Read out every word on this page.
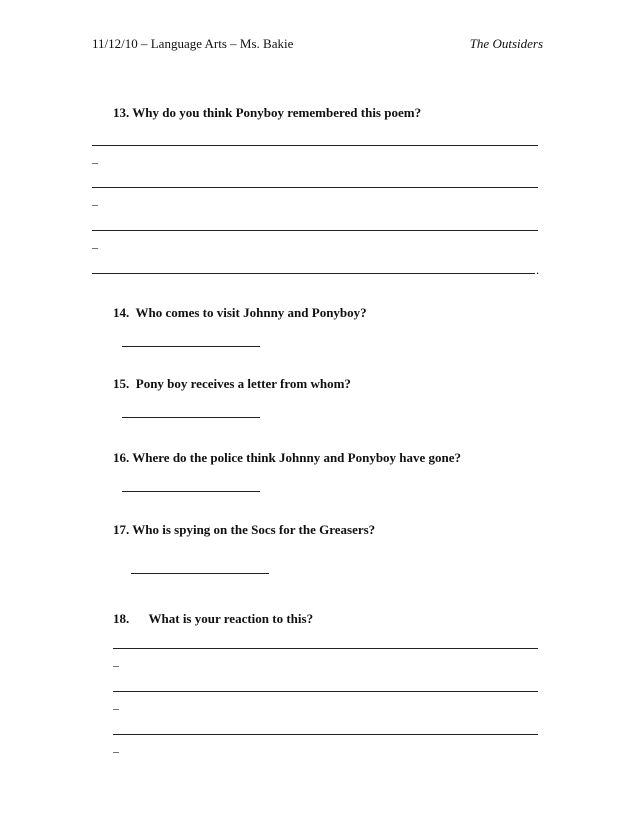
11/12/10 – Language Arts – Ms. Bakie	The Outsiders
13. Why do you think Ponyboy remembered this poem?
–
–
–
.
14.  Who comes to visit Johnny and Ponyboy?
15.  Pony boy receives a letter from whom?
16. Where do the police think Johnny and Ponyboy have gone?
17. Who is spying on the Socs for the Greasers?
18.      What is your reaction to this?
–
–
–
